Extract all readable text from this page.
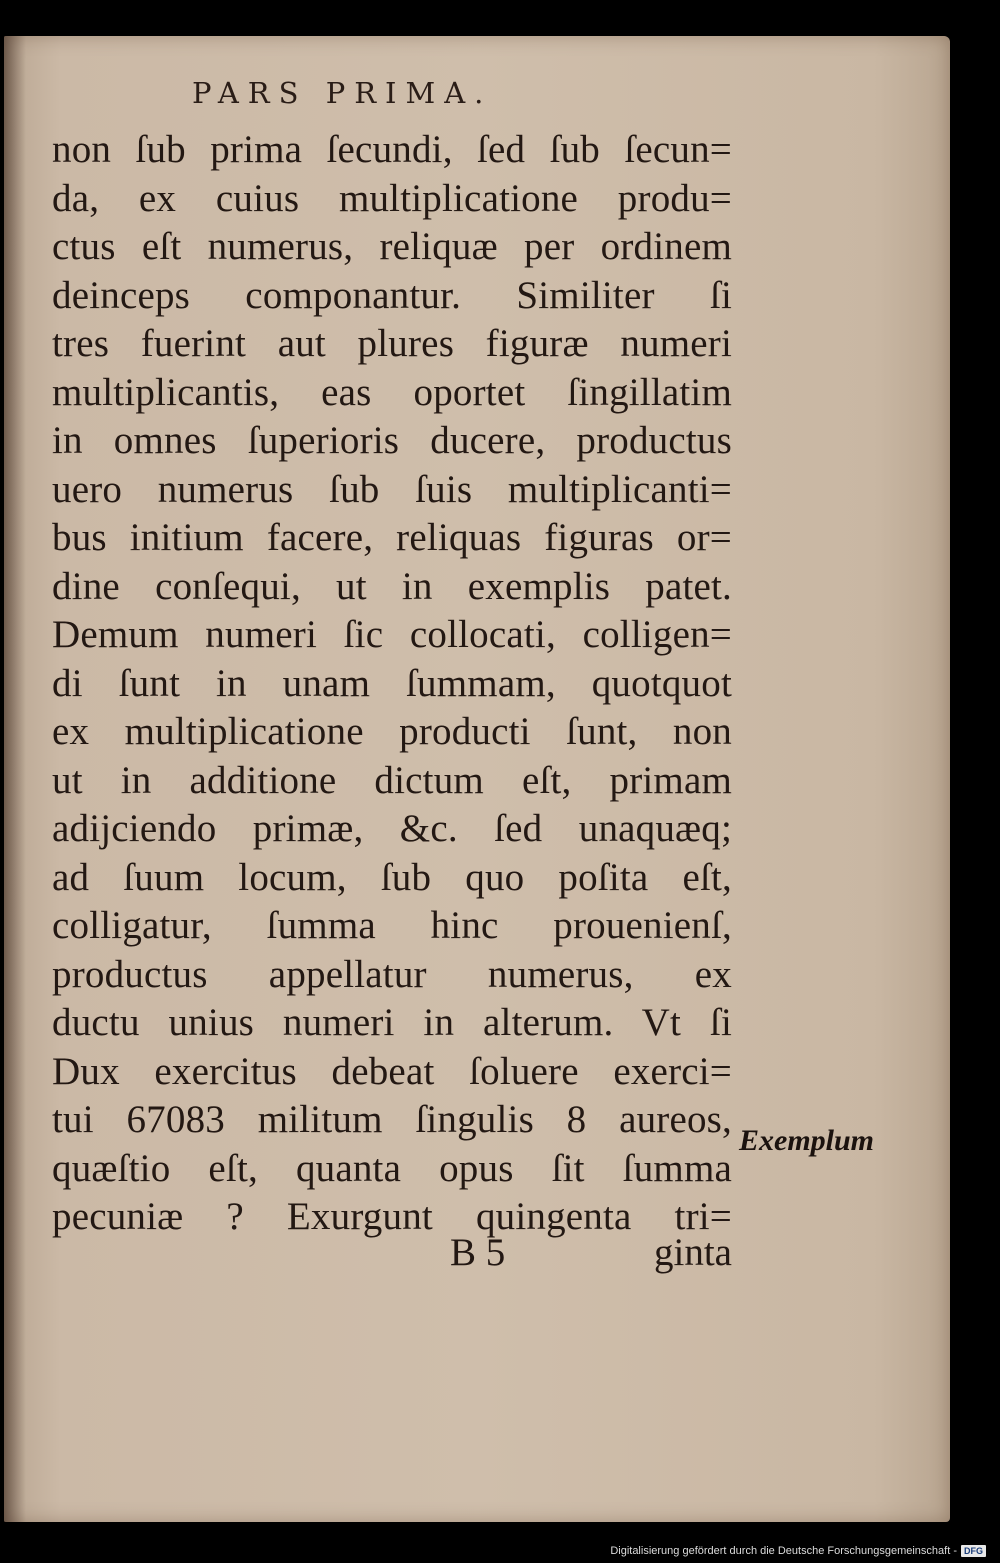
PARS PRIMA.
non ſub prima ſecundi, ſed ſub ſecun=
da, ex cuius multiplicatione produ=
ctus eſt numerus, reliquæ per ordinem
deinceps componantur. Similiter ſi
tres fuerint aut plures figuræ numeri
multiplicantis, eas oportet ſingillatim
in omnes ſuperioris ducere, productus
uero numerus ſub ſuis multiplicanti=
bus initium facere, reliquas figuras or=
dine conſequi, ut in exemplis patet.
Demum numeri ſic collocati, colligen=
di ſunt in unam ſummam, quotquot
ex multiplicatione producti ſunt, non
ut in additione dictum eſt, primam
adijciendo primæ, &c. ſed unaquæq;
ad ſuum locum, ſub quo poſita eſt,
colligatur, ſumma hinc prouenienſ,
productus appellatur numerus, ex
ductu unius numeri in alterum. Vt ſi
Dux exercitus debeat ſoluere exerci=
tui 67083 militum ſingulis 8 aureos,
quæſtio eſt, quanta opus ſit ſumma
pecuniæ ? Exurgunt quingenta tri=
B 5	ginta
Exemplum
Digitalisierung gefördert durch die Deutsche Forschungsgemeinschaft - DFG
